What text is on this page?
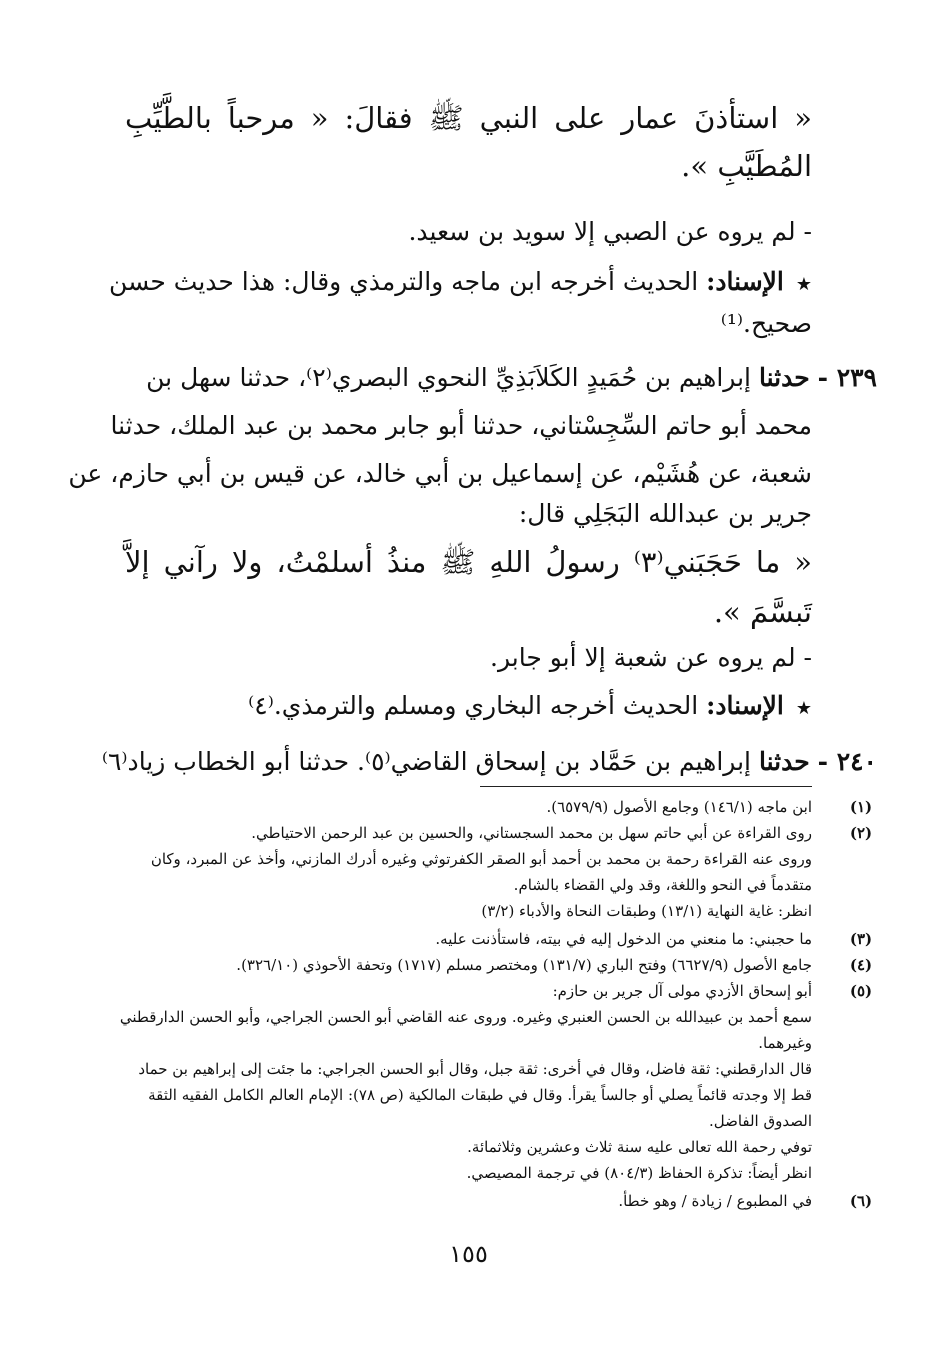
« استأذنَ عمار على النبي ﷺ فقالَ: « مرحباً بالطَّيِّبِ

المُطَيَّبِ ».

- لم يروه عن الصبي إلا سويد بن سعيد.

★الإسناد: الحديث أخرجه ابن ماجه والترمذي وقال: هذا حديث حسن

صحيح.⁽¹⁾

٢٣٩ - حدثنا إبراهيم بن حُمَيدٍ الكَلاَبَذِيِّ النحوي البصري⁽٢⁾، حدثنا سهل بن

محمد أبو حاتم السِّجِسْتاني، حدثنا أبو جابر محمد بن عبد الملك، حدثنا

شعبة، عن هُشَيْم، عن إسماعيل بن أبي خالد، عن قيس بن أبي حازم، عن

جرير بن عبدالله البَجَلِي قال:

« ما حَجَبَني⁽٣⁾ رسولُ اللهِ ﷺ منذُ أسلمْتُ، ولا رآني إلاَّ

تَبسَّمَ ».

- لم يروه عن شعبة إلا أبو جابر.

★الإسناد: الحديث أخرجه البخاري ومسلم والترمذي.⁽٤⁾

٢٤٠ - حدثنا إبراهيم بن حَمَّاد بن إسحاق القاضي⁽٥⁾. حدثنا أبو الخطاب زياد⁽٦⁾

(١)
ابن ماجه (١٤٦/١) وجامع الأصول (٦٥٧٩/٩).
(٢)
روى القراءة عن أبي حاتم سهل بن محمد السجستاني، والحسين بن عبد الرحمن الاحتياطي.
وروى عنه القراءة رحمة بن محمد بن أحمد أبو الصقر الكفرتوثي وغيره أدرك المازني، وأخذ عن المبرد، وكان
متقدماً في النحو واللغة، وقد ولي القضاء بالشام.
انظر: غاية النهاية (١٣/١) وطبقات النحاة والأدباء (٣/٢)
(٣)
ما حجبني: ما منعني من الدخول إليه في بيته، فاستأذنت عليه.
(٤)
جامع الأصول (٦٦٢٧/٩) وفتح الباري (١٣١/٧) ومختصر مسلم (١٧١٧) وتحفة الأحوذي (٣٢٦/١٠).
(٥)
أبو إسحاق الأزدي مولى آل جرير بن حازم:
سمع أحمد بن عبيدالله بن الحسن العنبري وغيره. وروى عنه القاضي أبو الحسن الجراجي، وأبو الحسن الدارقطني
وغيرهما.
قال الدارقطني: ثقة فاضل، وقال في أخرى: ثقة جبل، وقال أبو الحسن الجراجي: ما جئت إلى إبراهيم بن حماد
قط إلا وجدته قائماً يصلي أو جالساً يقرأ. وقال في طبقات المالكية (ص ٧٨): الإمام العالم الكامل الفقيه الثقة
الصدوق الفاضل.
توفي رحمة الله تعالى عليه سنة ثلاث وعشرين وثلاثمائة.
انظر أيضاً: تذكرة الحفاظ (٨٠٤/٣) في ترجمة المصيصي.
(٦)
في المطبوع / زيادة / وهو خطأ.
١٥٥
